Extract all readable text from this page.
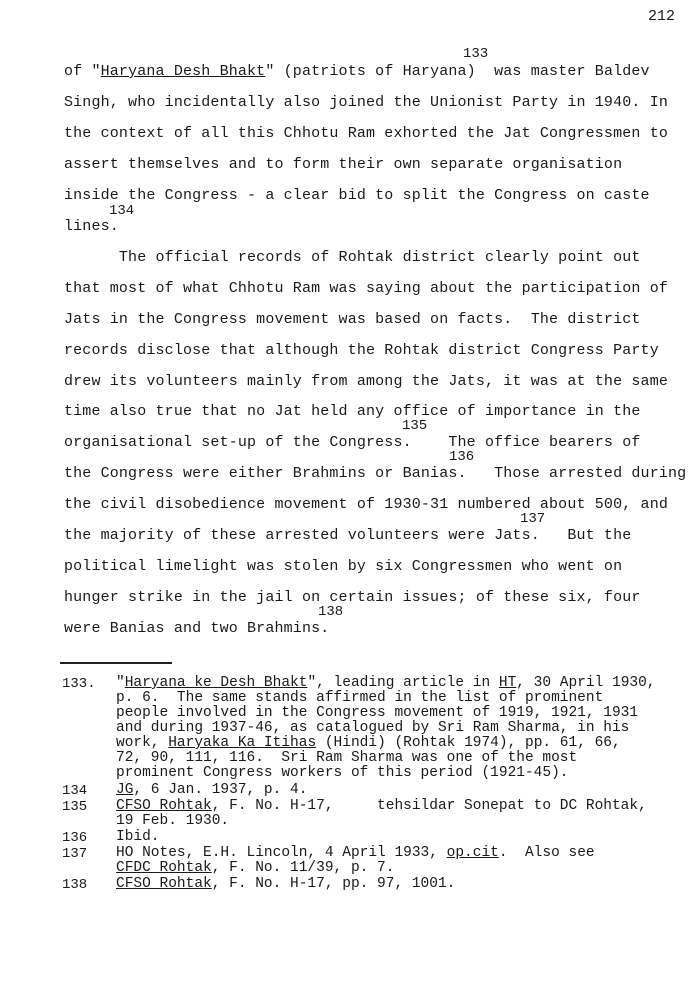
212
133
of "Haryana Desh Bhakt" (patriots of Haryana)  was master Baldev
Singh, who incidentally also joined the Unionist Party in 1940. In
the context of all this Chhotu Ram exhorted the Jat Congressmen to
assert themselves and to form their own separate organisation
inside the Congress - a clear bid to split the Congress on caste
134
lines.
The official records of Rohtak district clearly point out
that most of what Chhotu Ram was saying about the participation of
Jats in the Congress movement was based on facts.  The district
records disclose that although the Rohtak district Congress Party
drew its volunteers mainly from among the Jats, it was at the same
time also true that no Jat held any office of importance in the
135
organisational set-up of the Congress.    The office bearers of
136
the Congress were either Brahmins or Banias.   Those arrested during
the civil disobedience movement of 1930-31 numbered about 500, and
137
the majority of these arrested volunteers were Jats.   But the
political limelight was stolen by six Congressmen who went on
hunger strike in the jail on certain issues; of these six, four
138
were Banias and two Brahmins.
133. "Haryana ke Desh Bhakt", leading article in HT, 30 April 1930,
p. 6.  The same stands affirmed in the list of prominent
people involved in the Congress movement of 1919, 1921, 1931
and during 1937-46, as catalogued by Sri Ram Sharma, in his
work, Haryaka Ka Itihas (Hindi) (Rohtak 1974), pp. 61, 66,
72, 90, 111, 116.  Sri Ram Sharma was one of the most
prominent Congress workers of this period (1921-45).
134 JG, 6 Jan. 1937, p. 4.
135 CFSO Rohtak, F. No. H-17,     tehsildar Sonepat to DC Rohtak,
19 Feb. 1930.
136 Ibid.
137 HO Notes, E.H. Lincoln, 4 April 1933, op.cit.  Also see
CFDC Rohtak, F. No. 11/39, p. 7.
138 CFSO Rohtak, F. No. H-17, pp. 97, 1001.
